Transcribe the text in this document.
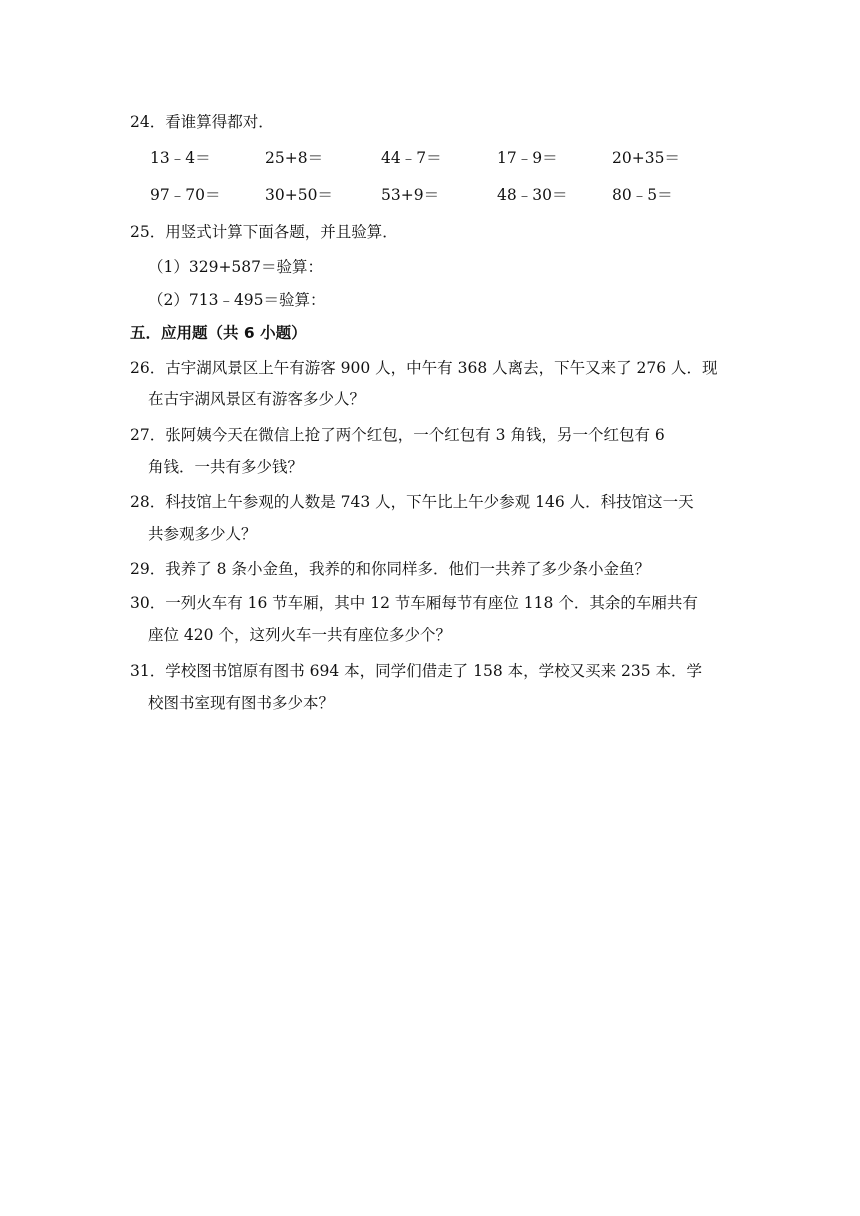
24．看谁算得都对．
13﹣4＝	25+8＝	44﹣7＝	17﹣9＝	20+35＝
97﹣70＝	30+50＝	53+9＝	48﹣30＝	80﹣5＝
25．用竖式计算下面各题，并且验算．
（1）329+587＝验算：
（2）713﹣495＝验算：
五．应用题（共 6 小题）
26．古宇湖风景区上午有游客 900 人，中午有 368 人离去，下午又来了 276 人．现
在古宇湖风景区有游客多少人？
27．张阿姨今天在微信上抢了两个红包，一个红包有 3 角钱，另一个红包有 6
角钱．一共有多少钱？
28．科技馆上午参观的人数是 743 人，下午比上午少参观 146 人．科技馆这一天
共参观多少人？
29．我养了 8 条小金鱼，我养的和你同样多．他们一共养了多少条小金鱼？
30．一列火车有 16 节车厢，其中 12 节车厢每节有座位 118 个．其余的车厢共有
座位 420 个，这列火车一共有座位多少个？
31．学校图书馆原有图书 694 本，同学们借走了 158 本，学校又买来 235 本．学
校图书室现有图书多少本？
